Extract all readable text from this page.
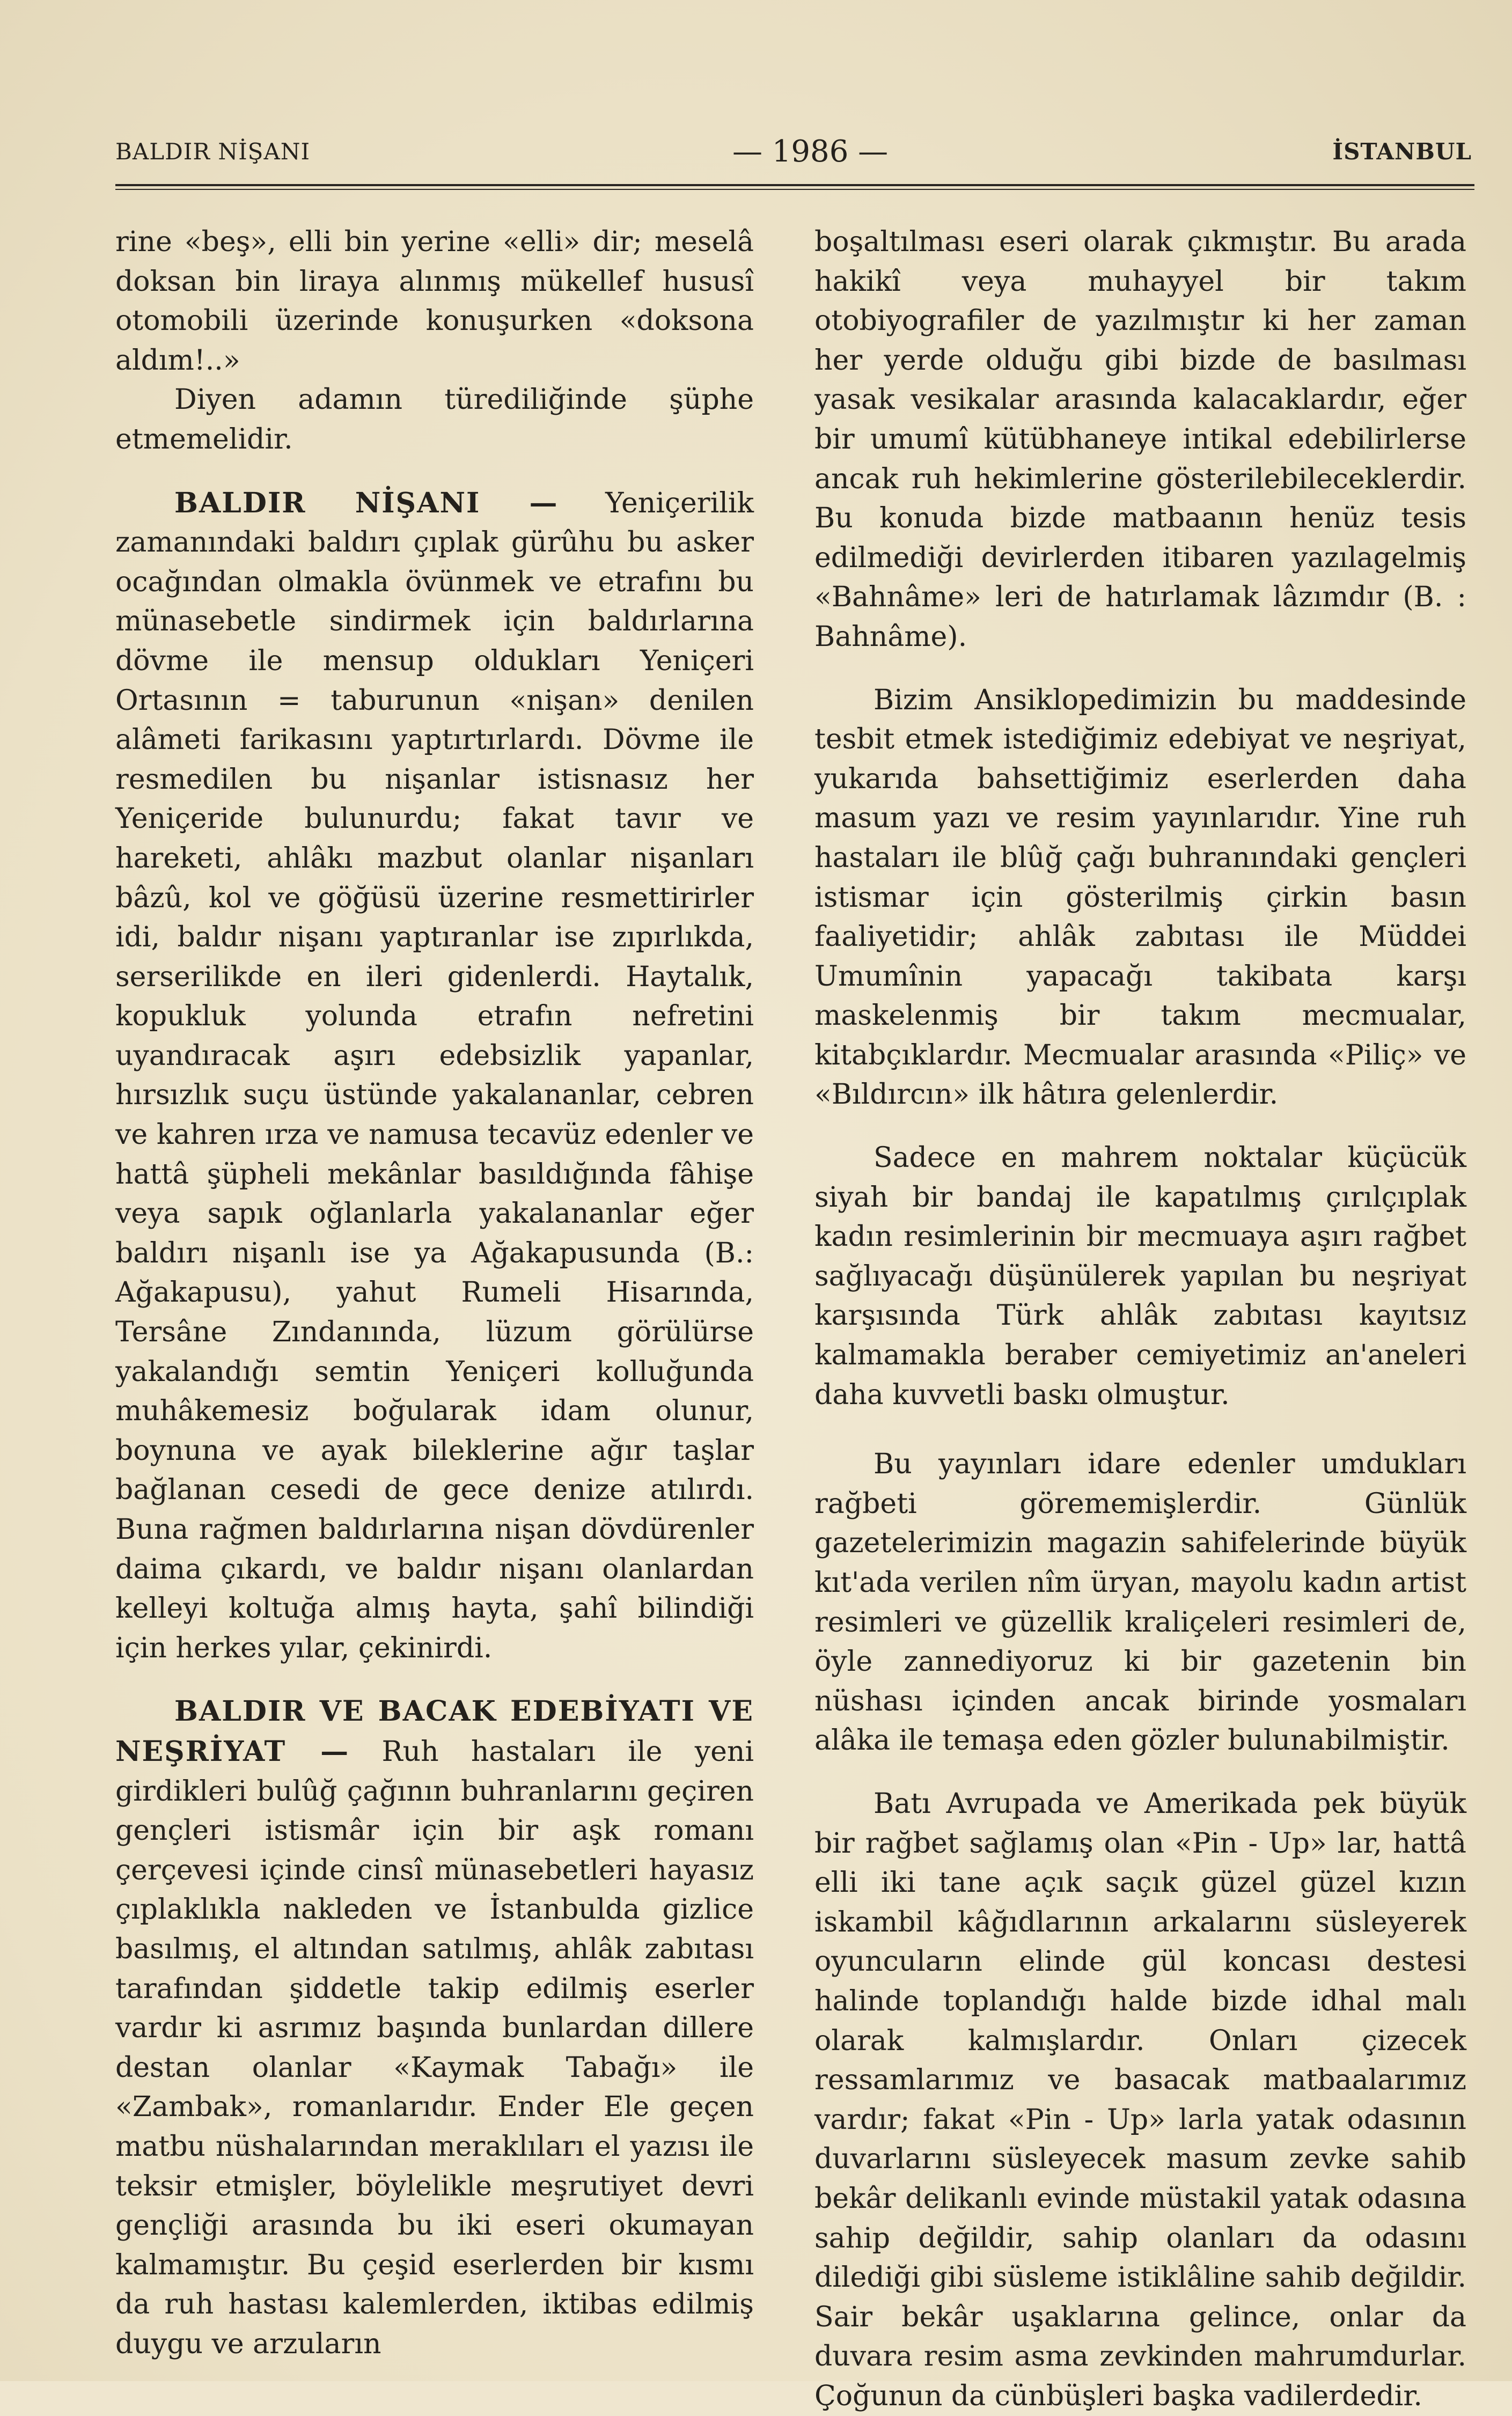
BALDIR NİŞANI	— 1986 —	İSTANBUL

rine «beş», elli bin yerine «elli» dir; meselâ doksan bin liraya alınmış mükellef hususî otomobili üzerinde konuşurken «doksona aldım!..»

Diyen adamın türediliğinde şüphe etmemelidir.

BALDIR NİŞANI — Yeniçerilik zamanındaki baldırı çıplak gürûhu bu asker ocağından olmakla övünmek ve etrafını bu münasebetle sindirmek için baldırlarına dövme ile mensup oldukları Yeniçeri Ortasının = taburunun «nişan» denilen alâmeti farikasını yaptırtırlardı. Dövme ile resmedilen bu nişanlar istisnasız her Yeniçeride bulunurdu; fakat tavır ve hareketi, ahlâkı mazbut olanlar nişanları bâzû, kol ve göğüsü üzerine resmettirirler idi, baldır nişanı yaptıranlar ise zıpırlıkda, serserilikde en ileri gidenlerdi. Haytalık, kopukluk yolunda etrafın nefretini uyandıracak aşırı edebsizlik yapanlar, hırsızlık suçu üstünde yakalananlar, cebren ve kahren ırza ve namusa tecavüz edenler ve hattâ şüpheli mekânlar basıldığında fâhişe veya sapık oğlanlarla yakalananlar eğer baldırı nişanlı ise ya Ağakapusunda (B.: Ağakapusu), yahut Rumeli Hisarında, Tersâne Zındanında, lüzum görülürse yakalandığı semtin Yeniçeri kolluğunda muhâkemesiz boğularak idam olunur, boynuna ve ayak bileklerine ağır taşlar bağlanan cesedi de gece denize atılırdı. Buna rağmen baldırlarına nişan dövdürenler daima çıkardı, ve baldır nişanı olanlardan kelleyi koltuğa almış hayta, şahî bilindiği için herkes yılar, çekinirdi.

BALDIR VE BACAK EDEBİYATI VE NEŞRİYAT — Ruh hastaları ile yeni girdikleri bulûğ çağının buhranlarını geçiren gençleri istismâr için bir aşk romanı çerçevesi içinde cinsî münasebetleri hayasız çıplaklıkla nakleden ve İstanbulda gizlice basılmış, el altından satılmış, ahlâk zabıtası tarafından şiddetle takip edilmiş eserler vardır ki asrımız başında bunlardan dillere destan olanlar «Kaymak Tabağı» ile «Zambak», romanlarıdır. Ender Ele geçen matbu nüshalarından meraklıları el yazısı ile teksir etmişler, böylelikle meşrutiyet devri gençliği arasında bu iki eseri okumayan kalmamıştır. Bu çeşid eserlerden bir kısmı da ruh hastası kalemlerden, iktibas edilmiş duygu ve arzuların

boşaltılması eseri olarak çıkmıştır. Bu arada hakikî veya muhayyel bir takım otobiyografiler de yazılmıştır ki her zaman her yerde olduğu gibi bizde de basılması yasak vesikalar arasında kalacaklardır, eğer bir umumî kütübhaneye intikal edebilirlerse ancak ruh hekimlerine gösterilebileceklerdir. Bu konuda bizde matbaanın henüz tesis edilmediği devirlerden itibaren yazılagelmiş «Bahnâme» leri de hatırlamak lâzımdır (B. : Bahnâme).

Bizim Ansiklopedimizin bu maddesinde tesbit etmek istediğimiz edebiyat ve neşriyat, yukarıda bahsettiğimiz eserlerden daha masum yazı ve resim yayınlarıdır. Yine ruh hastaları ile blûğ çağı buhranındaki gençleri istismar için gösterilmiş çirkin basın faaliyetidir; ahlâk zabıtası ile Müddei Umumînin yapacağı takibata karşı maskelenmiş bir takım mecmualar, kitabçıklardır. Mecmualar arasında «Piliç» ve «Bıldırcın» ilk hâtıra gelenlerdir.

Sadece en mahrem noktalar küçücük siyah bir bandaj ile kapatılmış çırılçıplak kadın resimlerinin bir mecmuaya aşırı rağbet sağlıyacağı düşünülerek yapılan bu neşriyat karşısında Türk ahlâk zabıtası kayıtsız kalmamakla beraber cemiyetimiz an'aneleri daha kuvvetli baskı olmuştur.

Bu yayınları idare edenler umdukları rağbeti görememişlerdir. Günlük gazetelerimizin magazin sahifelerinde büyük kıt'ada verilen nîm üryan, mayolu kadın artist resimleri ve güzellik kraliçeleri resimleri de, öyle zannediyoruz ki bir gazetenin bin nüshası içinden ancak birinde yosmaları alâka ile temaşa eden gözler bulunabilmiştir.

Batı Avrupada ve Amerikada pek büyük bir rağbet sağlamış olan «Pin - Up» lar, hattâ elli iki tane açık saçık güzel güzel kızın iskambil kâğıdlarının arkalarını süsleyerek oyuncuların elinde gül koncası destesi halinde toplandığı halde bizde idhal malı olarak kalmışlardır. Onları çizecek ressamlarımız ve basacak matbaalarımız vardır; fakat «Pin - Up» larla yatak odasının duvarlarını süsleyecek masum zevke sahib bekâr delikanlı evinde müstakil yatak odasına sahip değildir, sahip olanları da odasını dilediği gibi süsleme istiklâline sahib değildir. Sair bekâr uşaklarına gelince, onlar da duvara resim asma zevkinden mahrumdurlar. Çoğunun da cünbüşleri başka vadilerdedir.
